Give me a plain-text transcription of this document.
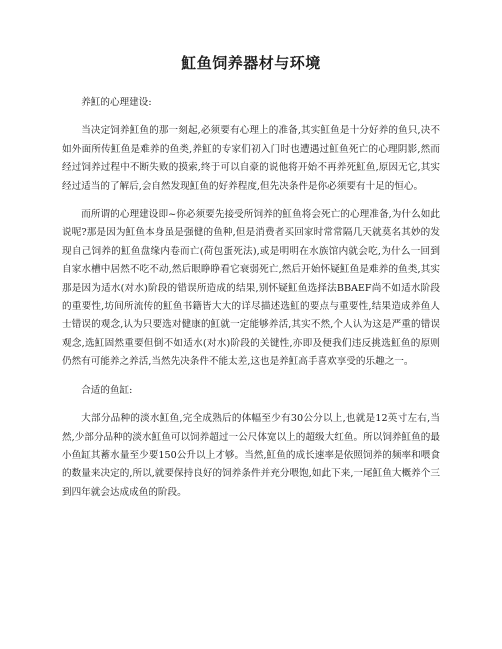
魟鱼饲养器材与环境

养魟的心理建设:

当决定饲养魟鱼的那一刻起,必须要有心理上的准备,其实魟鱼是十分好养的鱼只,决不如外面所传魟鱼是难养的鱼类,养魟的专家们初入门时也遭遇过魟鱼死亡的心理阴影,然而经过饲养过程中不断失败的摸索,终于可以自豪的说他将开始不再养死魟鱼,原因无它,其实经过适当的了解后,会自然发现魟鱼的好养程度,但先决条件是你必须要有十足的恒心。

而所谓的心理建设即~你必须要先接受所饲养的魟鱼将会死亡的心理准备,为什么如此说呢?那是因为魟鱼本身虽是强健的鱼种,但是消费者买回家时常常隔几天就莫名其妙的发现自己饲养的魟鱼盘缘内卷而亡(荷包蛋死法),或是明明在水族馆内就会吃,为什么一回到自家水槽中居然不吃不动,然后眼睁睁看它衰弱死亡,然后开始怀疑魟鱼是难养的鱼类,其实那是因为适水(对水)阶段的错误所造成的结果,别怀疑魟鱼选择法BBAEF尚不如适水阶段的重要性,坊间所流传的魟鱼书籍皆大大的详尽描述选魟的要点与重要性,结果造成养鱼人士错误的观念,认为只要选对健康的魟就一定能够养活,其实不然,个人认为这是严重的错误观念,选魟固然重要但倒不如适水(对水)阶段的关键性,亦即及便我们违反挑选魟鱼的原则仍然有可能养之养活,当然先决条件不能太差,这也是养魟高手喜欢享受的乐趣之一。

合适的鱼缸:

大部分品种的淡水魟鱼,完全成熟后的体幅至少有30公分以上,也就是12英寸左右,当然,少部分品种的淡水魟鱼可以饲养超过一公尺体宽以上的超级大红鱼。所以饲养魟鱼的最小鱼缸其蓄水量至少要150公升以上才够。当然,魟鱼的成长速率是依照饲养的频率和喂食的数量来决定的,所以,就要保持良好的饲养条件并充分喂饱,如此下来,一尾魟鱼大概养个三到四年就会达成成鱼的阶段。
